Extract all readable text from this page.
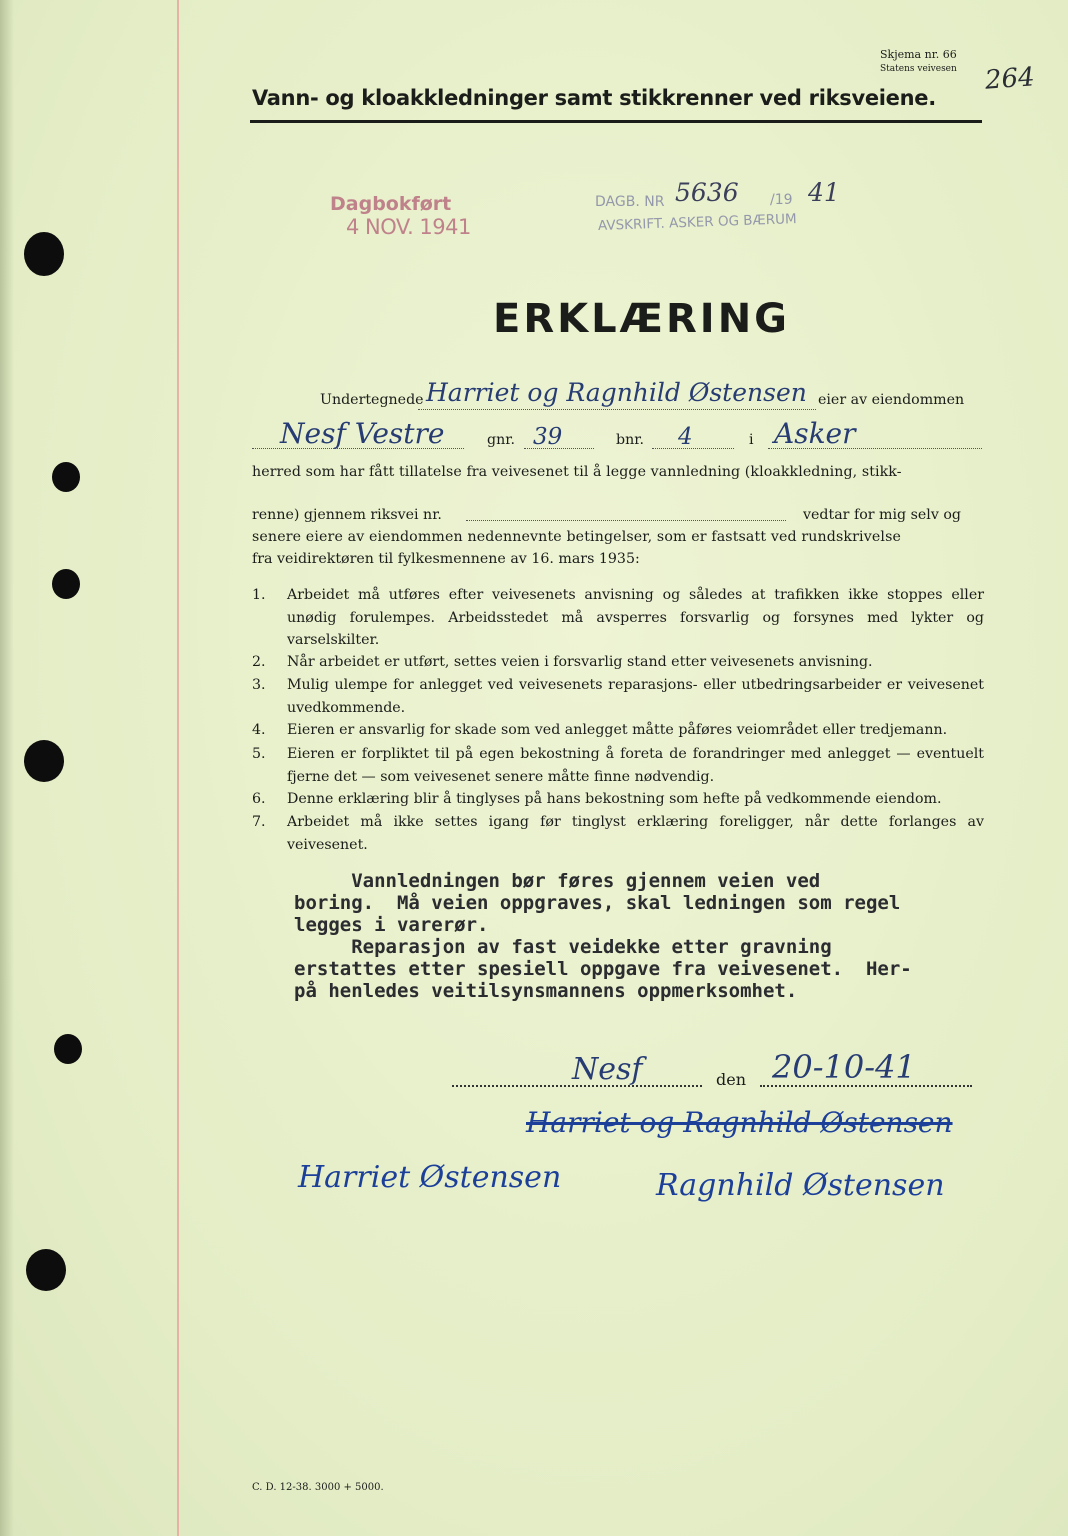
Skjema nr. 66
Statens veivesen 264
Vann- og kloakkledninger samt stikkrenner ved riksveiene.
Dagbokført
4 NOV. 1941
DAGB. NR 5636 /19 41
AVSKRIFT. ASKER OG BÆRUM
ERKLÆRING
Undertegnede Harriet og Ragnhild Østensen eier av eiendommen
Nesf Vestre	gnr. 39	bnr. 4	i Asker
herred som har fått tillatelse fra veivesenet til å legge vannledning (kloakkledning, stikk-
renne) gjennem riksvei nr.	vedtar for mig selv og
senere eiere av eiendommen nedennevnte betingelser, som er fastsatt ved rundskrivelse
fra veidirektøren til fylkesmennene av 16. mars 1935:
1. Arbeidet må utføres efter veivesenets anvisning og således at trafikken ikke stoppes eller unødig forulempes. Arbeidsstedet må avsperres forsvarlig og forsynes med lykter og varselskilter.
2. Når arbeidet er utført, settes veien i forsvarlig stand etter veivesenets anvisning.
3. Mulig ulempe for anlegget ved veivesenets reparasjons- eller utbedringsarbeider er veivesenet uvedkommende.
4. Eieren er ansvarlig for skade som ved anlegget måtte påføres veiområdet eller tredjemann.
5. Eieren er forpliktet til på egen bekostning å foreta de forandringer med anlegget — eventuelt fjerne det — som veivesenet senere måtte finne nødvendig.
6. Denne erklæring blir å tinglyses på hans bekostning som hefte på vedkommende eiendom.
7. Arbeidet må ikke settes igang før tinglyst erklæring foreligger, når dette forlanges av veivesenet.
Vannledningen bør føres gjennem veien ved
boring.  Må veien oppgraves, skal ledningen som regel
legges i varerør.
Reparasjon av fast veidekke etter gravning
erstattes etter spesiell oppgave fra veivesenet.  Her-
på henledes veitilsynsmannens oppmerksomhet.
Nesf	den 20-10-41
Harriet og Ragnhild Østensen
Harriet Østensen	Ragnhild Østensen
C. D. 12-38. 3000 + 5000.
